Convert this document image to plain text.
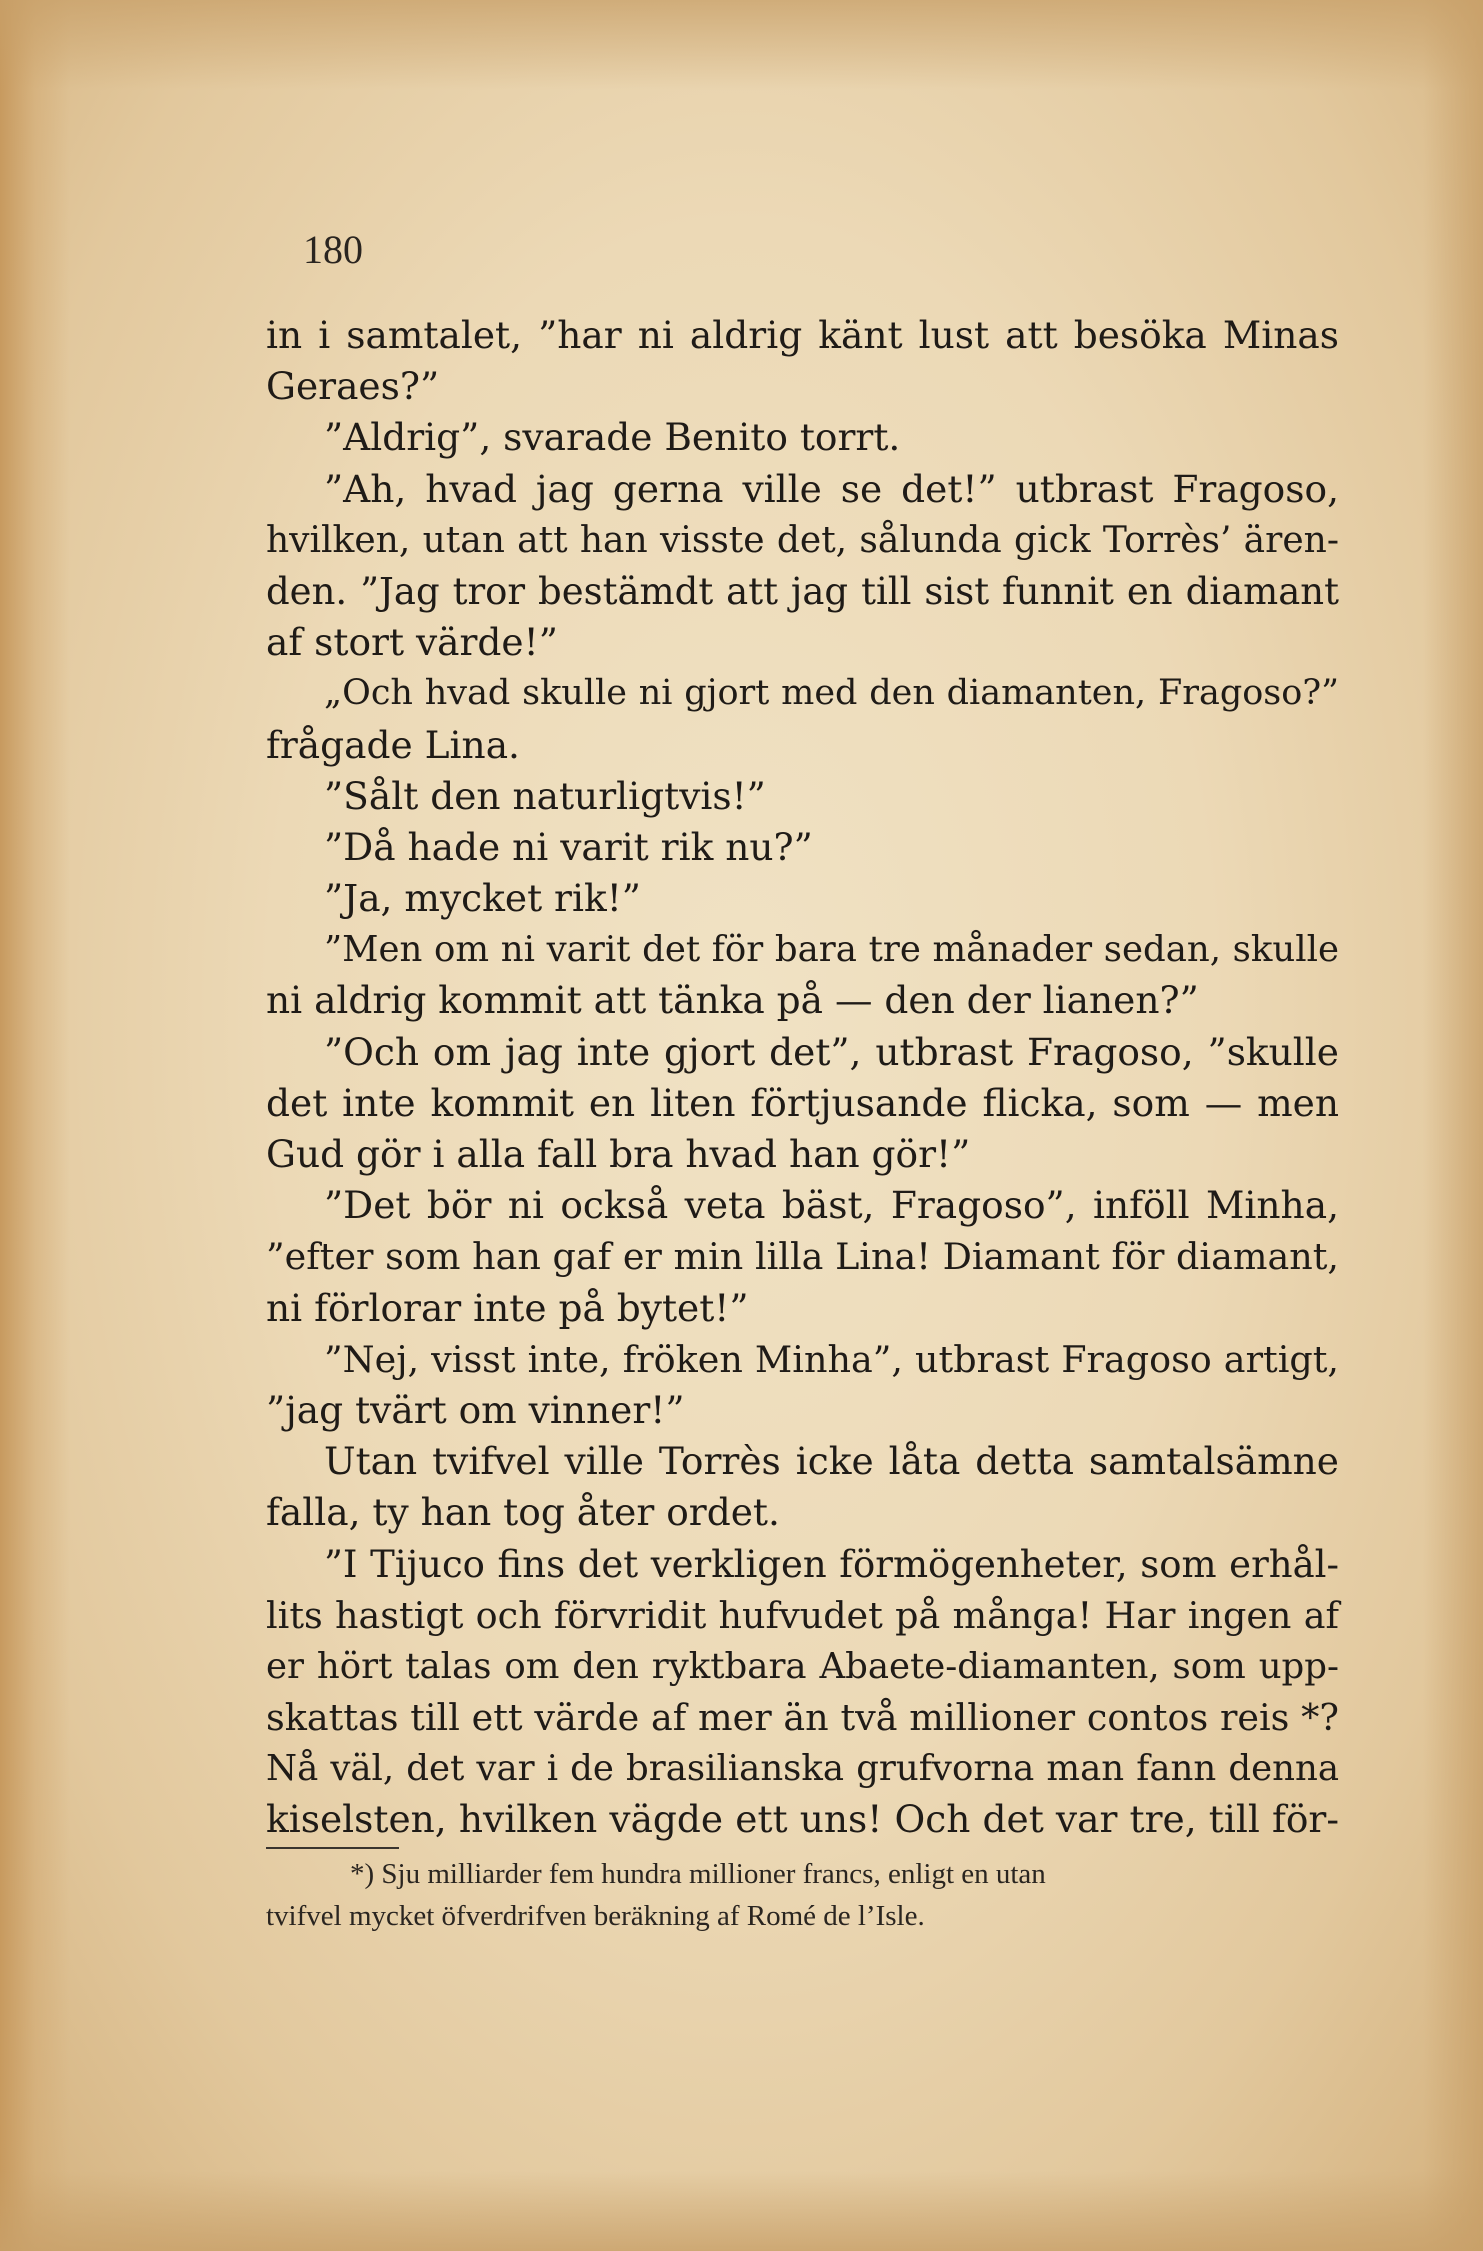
180
in i samtalet, ”har ni aldrig känt lust att besöka Minas
Geraes?”
”Aldrig”, svarade Benito torrt.
”Ah, hvad jag gerna ville se det!” utbrast Fragoso,
hvilken, utan att han visste det, sålunda gick Torrès’ ären-
den. ”Jag tror bestämdt att jag till sist funnit en diamant
af stort värde!”
„Och hvad skulle ni gjort med den diamanten, Fragoso?”
frågade Lina.
”Sålt den naturligtvis!”
”Då hade ni varit rik nu?”
”Ja, mycket rik!”
”Men om ni varit det för bara tre månader sedan, skulle
ni aldrig kommit att tänka på — den der lianen?”
”Och om jag inte gjort det”, utbrast Fragoso, ”skulle
det inte kommit en liten förtjusande flicka, som — men
Gud gör i alla fall bra hvad han gör!”
”Det bör ni också veta bäst, Fragoso”, inföll Minha,
”efter som han gaf er min lilla Lina! Diamant för diamant,
ni förlorar inte på bytet!”
”Nej, visst inte, fröken Minha”, utbrast Fragoso artigt,
”jag tvärt om vinner!”
Utan tvifvel ville Torrès icke låta detta samtalsämne
falla, ty han tog åter ordet.
”I Tijuco fins det verkligen förmögenheter, som erhål-
lits hastigt och förvridit hufvudet på många! Har ingen af
er hört talas om den ryktbara Abaete-diamanten, som upp-
skattas till ett värde af mer än två millioner contos reis *?
Nå väl, det var i de brasilianska grufvorna man fann denna
kiselsten, hvilken vägde ett uns! Och det var tre, till för-
*) Sju milliarder fem hundra millioner francs, enligt en utan
tvifvel mycket öfverdrifven beräkning af Romé de l’Isle.
